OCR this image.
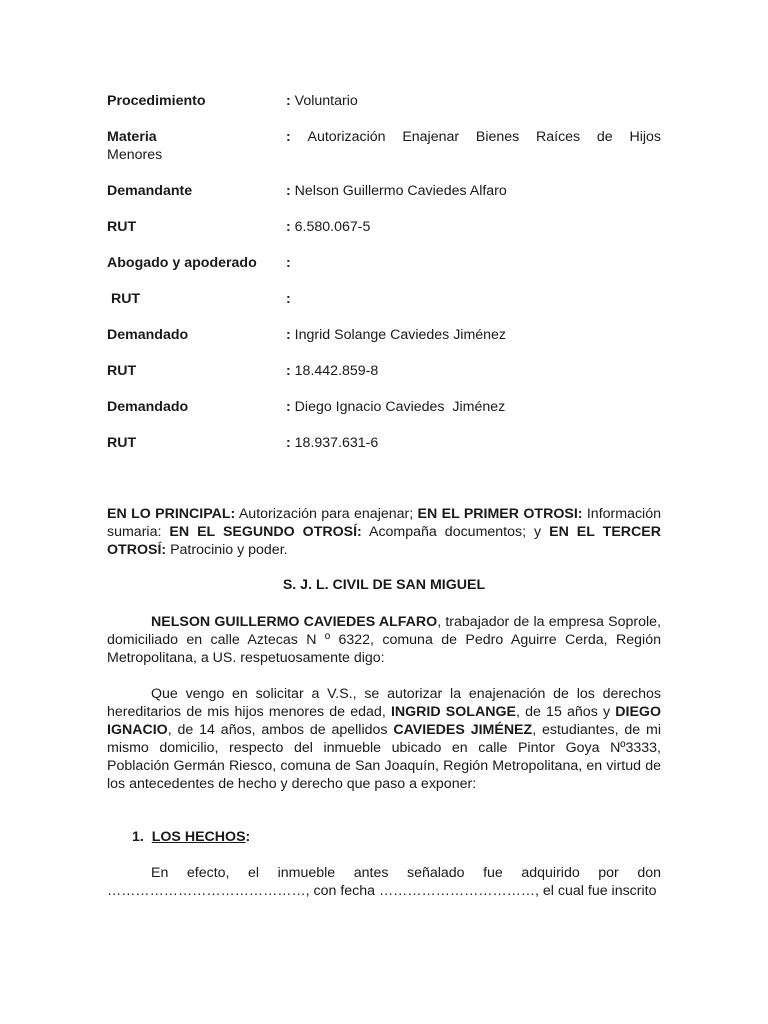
Procedimiento	: Voluntario
Materia	: Autorización Enajenar Bienes Raíces de Hijos
Menores
Demandante	: Nelson Guillermo Caviedes Alfaro
RUT	: 6.580.067-5
Abogado y apoderado :
RUT	:
Demandado	: Ingrid Solange Caviedes Jiménez
RUT	: 18.442.859-8
Demandado	: Diego Ignacio Caviedes  Jiménez
RUT	: 18.937.631-6

EN LO PRINCIPAL: Autorización para enajenar; EN EL PRIMER OTROSI: Información sumaria: EN EL SEGUNDO OTROSÍ: Acompaña documentos; y EN EL TERCER OTROSÍ: Patrocinio y poder.

S. J. L. CIVIL DE SAN MIGUEL

NELSON GUILLERMO CAVIEDES ALFARO, trabajador de la empresa Soprole, domiciliado en calle Aztecas N º 6322, comuna de Pedro Aguirre Cerda, Región Metropolitana, a US. respetuosamente digo:

Que vengo en solicitar a V.S., se autorizar la enajenación de los derechos hereditarios de mis hijos menores de edad, INGRID SOLANGE, de 15 años y DIEGO IGNACIO, de 14 años, ambos de apellidos CAVIEDES JIMÉNEZ, estudiantes, de mi mismo domicilio, respecto del inmueble ubicado en calle Pintor Goya Nº3333, Población Germán Riesco, comuna de San Joaquín, Región Metropolitana, en virtud de los antecedentes de hecho y derecho que paso a exponer:

1. LOS HECHOS:

En efecto, el inmueble antes señalado fue adquirido por don

……………………………………, con fecha ……………………………, el cual fue inscrito
